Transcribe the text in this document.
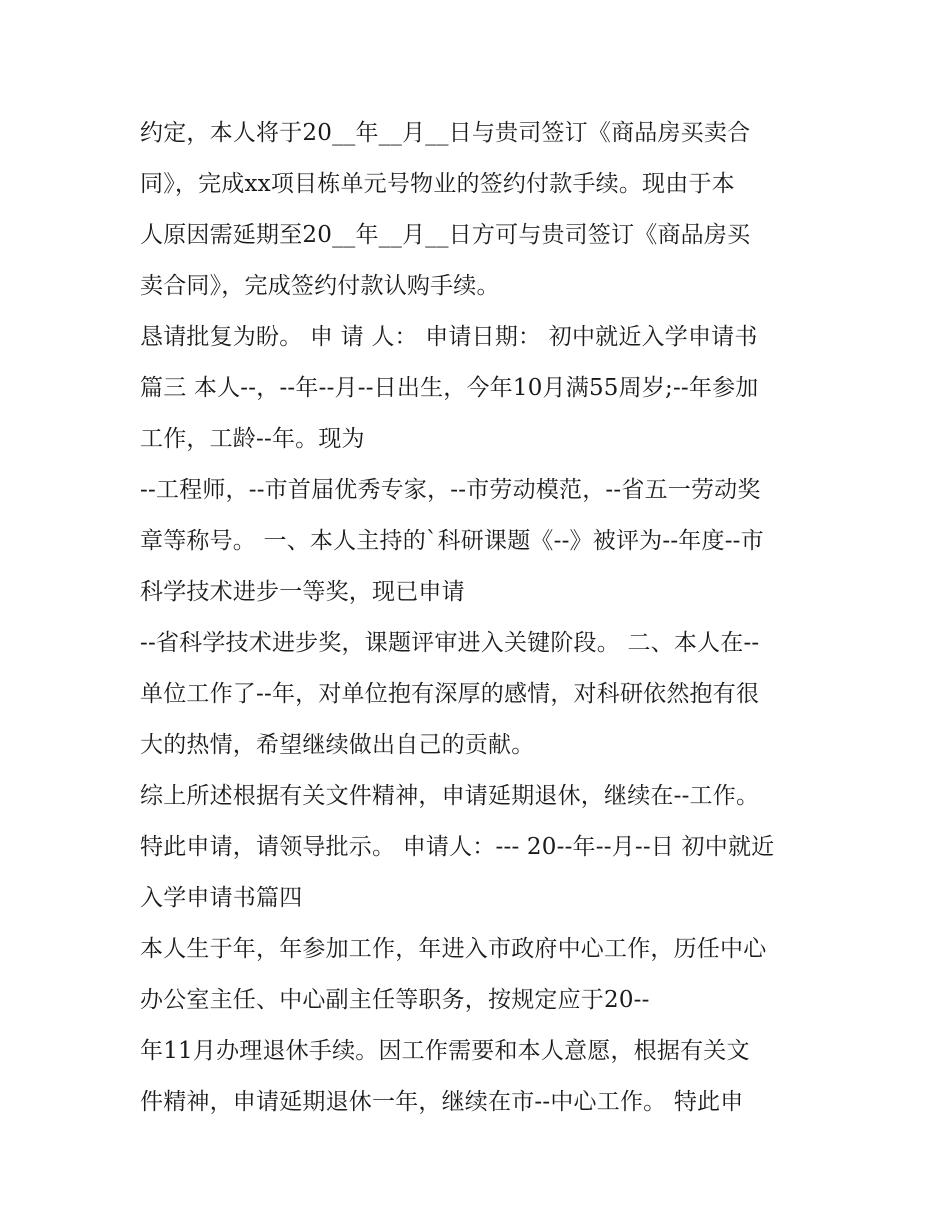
约定，本人将于20__年__月__日与贵司签订《商品房买卖合
同》，完成xx项目栋单元号物业的签约付款手续。现由于本
人原因需延期至20__年__月__日方可与贵司签订《商品房买
卖合同》，完成签约付款认购手续。
恳请批复为盼。 申 请 人： 申请日期： 初中就近入学申请书
篇三 本人--，--年--月--日出生，今年10月满55周岁;--年参加
工作，工龄--年。现为
--工程师，--市首届优秀专家，--市劳动模范，--省五一劳动奖
章等称号。 一、本人主持的`科研课题《--》被评为--年度--市
科学技术进步一等奖，现已申请
--省科学技术进步奖，课题评审进入关键阶段。 二、本人在--
单位工作了--年，对单位抱有深厚的感情，对科研依然抱有很
大的热情，希望继续做出自己的贡献。
综上所述根据有关文件精神，申请延期退休，继续在--工作。
特此申请，请领导批示。 申请人：--- 20--年--月--日 初中就近
入学申请书篇四
本人生于年，年参加工作，年进入市政府中心工作，历任中心
办公室主任、中心副主任等职务，按规定应于20--
年11月办理退休手续。因工作需要和本人意愿，根据有关文
件精神，申请延期退休一年，继续在市--中心工作。 特此申
